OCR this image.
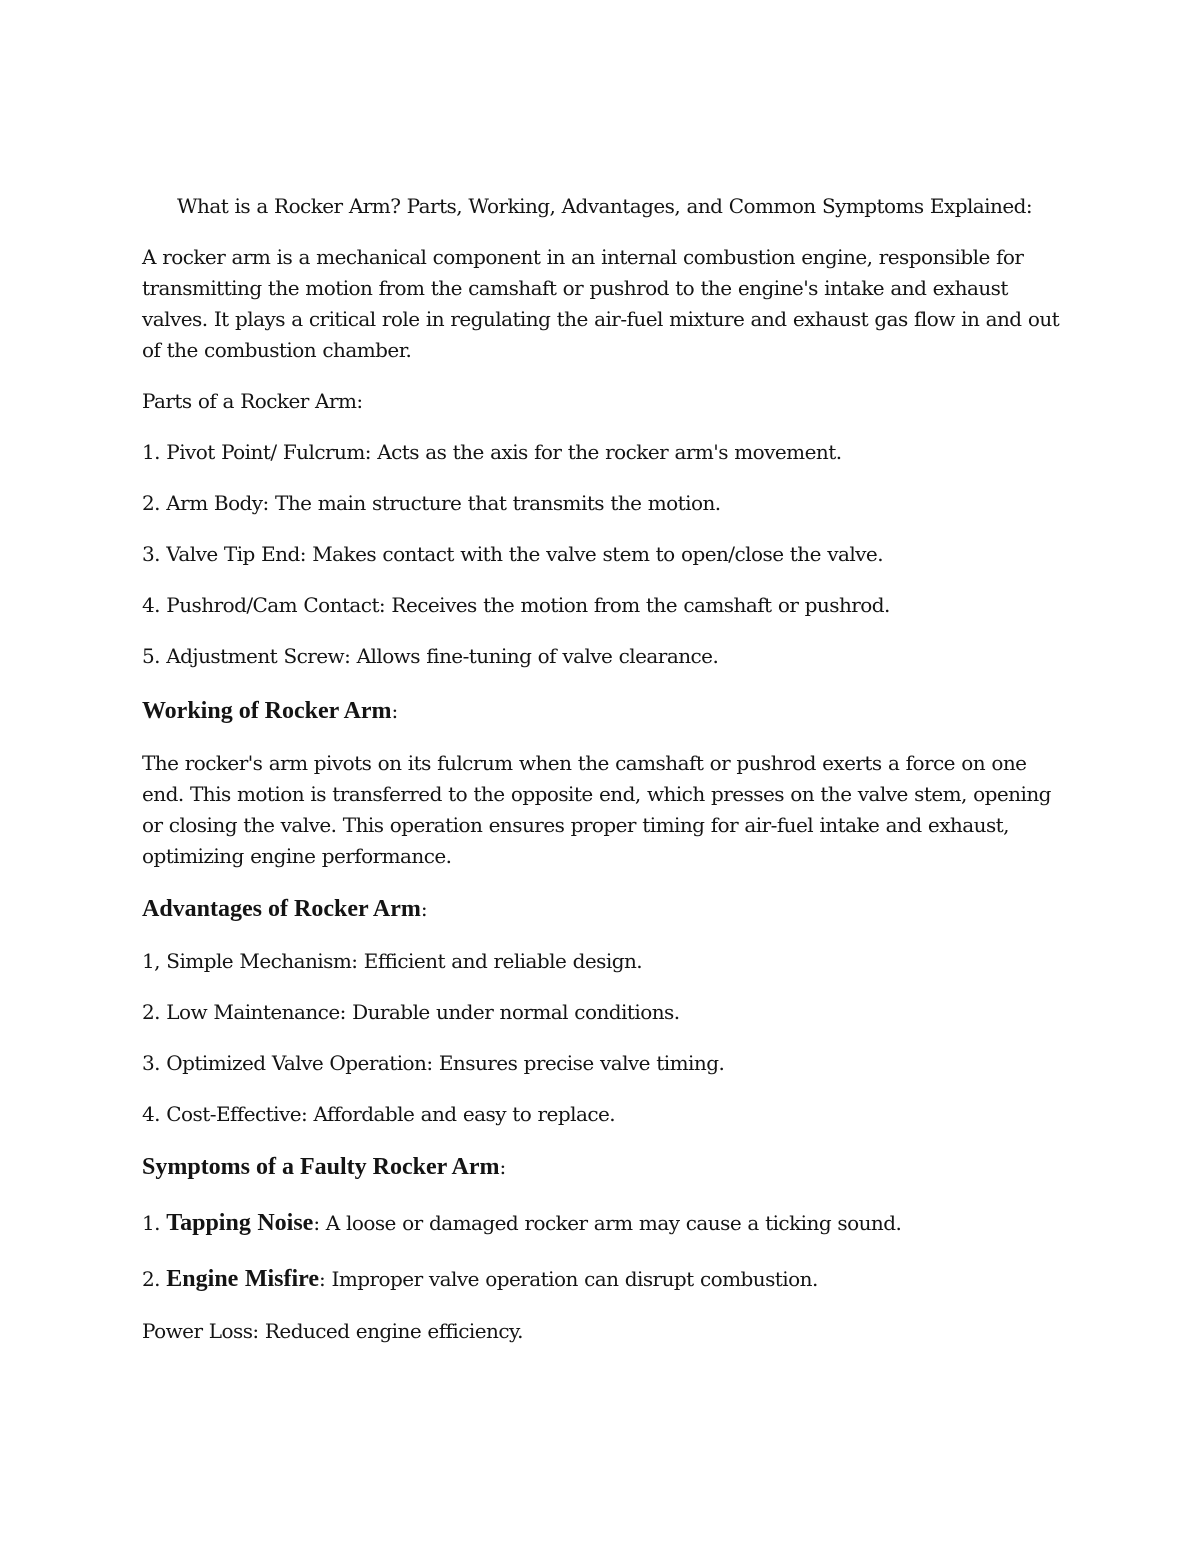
What is a Rocker Arm? Parts, Working, Advantages, and Common Symptoms Explained:

A rocker arm is a mechanical component in an internal combustion engine, responsible for transmitting the motion from the camshaft or pushrod to the engine's intake and exhaust valves. It plays a critical role in regulating the air-fuel mixture and exhaust gas flow in and out of the combustion chamber.

Parts of a Rocker Arm:

1. Pivot Point/ Fulcrum: Acts as the axis for the rocker arm's movement.

2. Arm Body: The main structure that transmits the motion.

3. Valve Tip End: Makes contact with the valve stem to open/close the valve.

4. Pushrod/Cam Contact: Receives the motion from the camshaft or pushrod.

5. Adjustment Screw: Allows fine-tuning of valve clearance.

Working of Rocker Arm:

The rocker's arm pivots on its fulcrum when the camshaft or pushrod exerts a force on one end. This motion is transferred to the opposite end, which presses on the valve stem, opening or closing the valve. This operation ensures proper timing for air-fuel intake and exhaust, optimizing engine performance.

Advantages of Rocker Arm:

1, Simple Mechanism: Efficient and reliable design.

2. Low Maintenance: Durable under normal conditions.

3. Optimized Valve Operation: Ensures precise valve timing.

4. Cost-Effective: Affordable and easy to replace.

Symptoms of a Faulty Rocker Arm:

1. Tapping Noise: A loose or damaged rocker arm may cause a ticking sound.

2. Engine Misfire: Improper valve operation can disrupt combustion.

Power Loss: Reduced engine efficiency.
